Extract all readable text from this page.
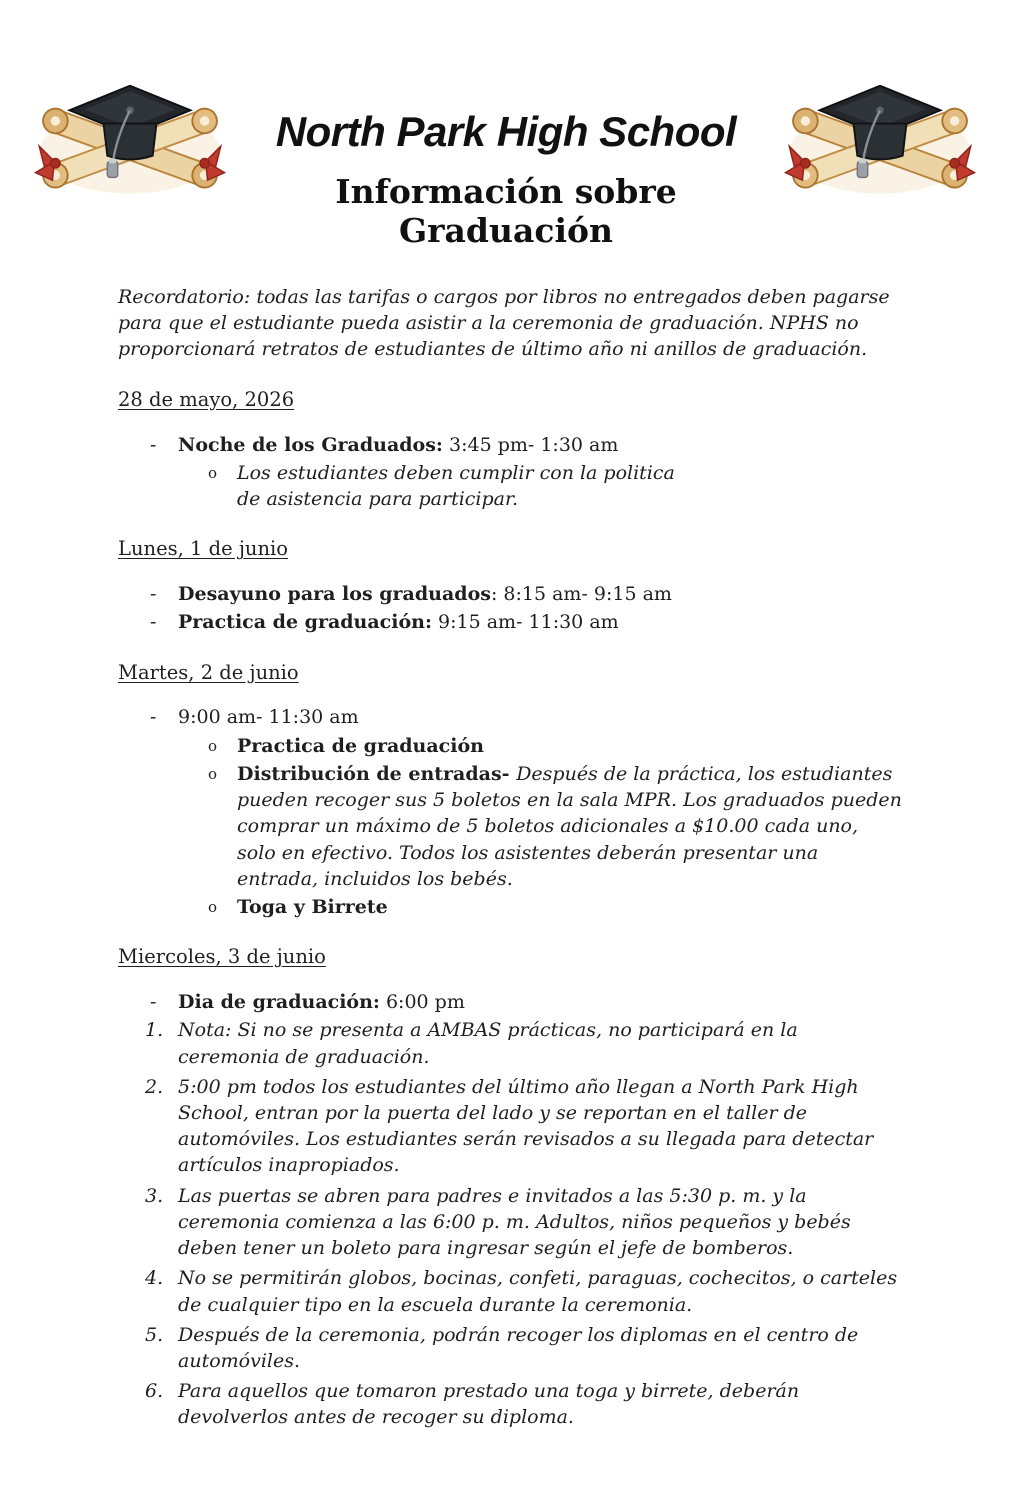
North Park High School
Información sobre Graduación

Recordatorio: todas las tarifas o cargos por libros no entregados deben pagarse para que el estudiante pueda asistir a la ceremonia de graduación. NPHS no proporcionará retratos de estudiantes de último año ni anillos de graduación.

28 de mayo, 2026
-	Noche de los Graduados: 3:45 pm- 1:30 am

o	Los estudiantes deben cumplir con la politica de asistencia para participar.

Lunes, 1 de junio
-	Desayuno para los graduados: 8:15 am- 9:15 am

-	Practica de graduación: 9:15 am- 11:30 am

Martes, 2 de junio
-	9:00 am- 11:30 am

o	Practica de graduación

o	Distribución de entradas- Después de la práctica, los estudiantes pueden recoger sus 5 boletos en la sala MPR. Los graduados pueden comprar un máximo de 5 boletos adicionales a $10.00 cada uno, solo en efectivo. Todos los asistentes deberán presentar una entrada, incluidos los bebés.

o	Toga y Birrete

Miercoles, 3 de junio
-	Dia de graduación: 6:00 pm

1. Nota: Si no se presenta a AMBAS prácticas, no participará en la ceremonia de graduación.

2. 5:00 pm todos los estudiantes del último año llegan a North Park High School, entran por la puerta del lado y se reportan en el taller de automóviles. Los estudiantes serán revisados a su llegada para detectar artículos inapropiados.

3. Las puertas se abren para padres e invitados a las 5:30 p. m. y la ceremonia comienza a las 6:00 p. m. Adultos, niños pequeños y bebés deben tener un boleto para ingresar según el jefe de bomberos.

4. No se permitirán globos, bocinas, confeti, paraguas, cochecitos, o carteles de cualquier tipo en la escuela durante la ceremonia.

5. Después de la ceremonia, podrán recoger los diplomas en el centro de automóviles.

6. Para aquellos que tomaron prestado una toga y birrete, deberán devolverlos antes de recoger su diploma.
